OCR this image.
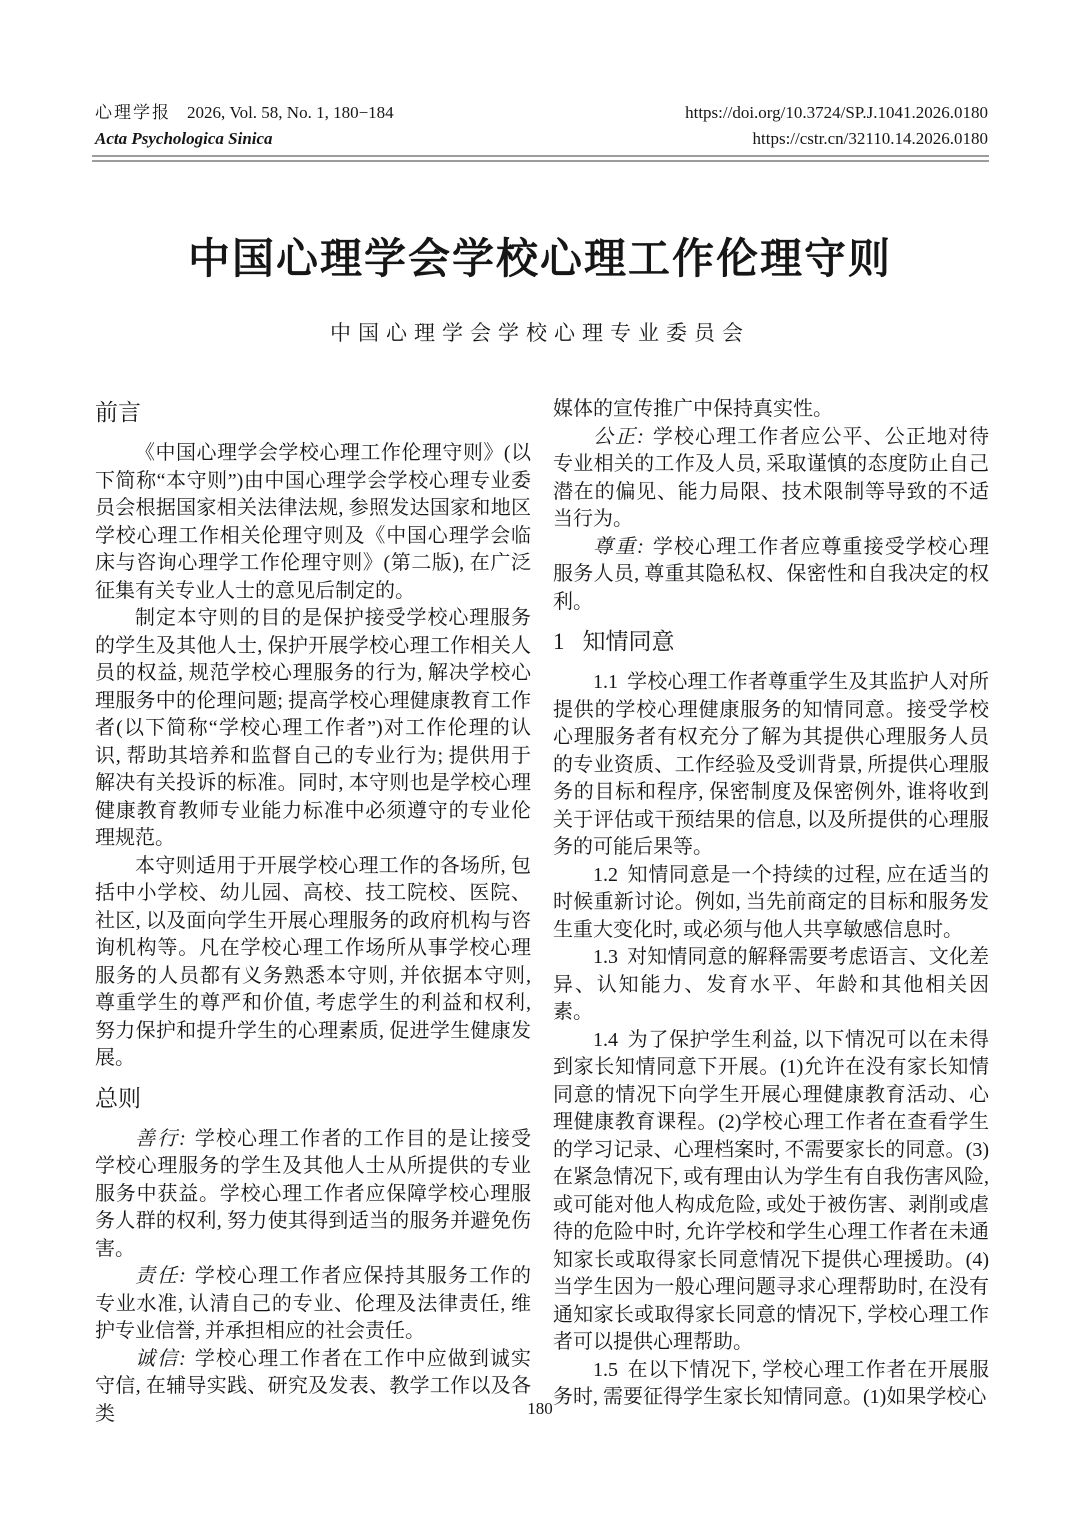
心理学报 2026, Vol. 58, No. 1, 180−184
Acta Psychologica Sinica
https://doi.org/10.3724/SP.J.1041.2026.0180
https://cstr.cn/32110.14.2026.0180
中国心理学会学校心理工作伦理守则
中国心理学会学校心理专业委员会
前言

《中国心理学会学校心理工作伦理守则》(以下简称“本守则”)由中国心理学会学校心理专业委员会根据国家相关法律法规, 参照发达国家和地区学校心理工作相关伦理守则及《中国心理学会临床与咨询心理学工作伦理守则》(第二版), 在广泛征集有关专业人士的意见后制定的。

制定本守则的目的是保护接受学校心理服务的学生及其他人士, 保护开展学校心理工作相关人员的权益, 规范学校心理服务的行为, 解决学校心理服务中的伦理问题; 提高学校心理健康教育工作者(以下简称“学校心理工作者”)对工作伦理的认识, 帮助其培养和监督自己的专业行为; 提供用于解决有关投诉的标准。同时, 本守则也是学校心理健康教育教师专业能力标准中必须遵守的专业伦理规范。

本守则适用于开展学校心理工作的各场所, 包括中小学校、幼儿园、高校、技工院校、医院、社区, 以及面向学生开展心理服务的政府机构与咨询机构等。凡在学校心理工作场所从事学校心理服务的人员都有义务熟悉本守则, 并依据本守则, 尊重学生的尊严和价值, 考虑学生的利益和权利, 努力保护和提升学生的心理素质, 促进学生健康发展。

总则

善行: 学校心理工作者的工作目的是让接受学校心理服务的学生及其他人士从所提供的专业服务中获益。学校心理工作者应保障学校心理服务人群的权利, 努力使其得到适当的服务并避免伤害。

责任: 学校心理工作者应保持其服务工作的专业水准, 认清自己的专业、伦理及法律责任, 维护专业信誉, 并承担相应的社会责任。

诚信: 学校心理工作者在工作中应做到诚实守信, 在辅导实践、研究及发表、教学工作以及各类

媒体的宣传推广中保持真实性。

公正: 学校心理工作者应公平、公正地对待专业相关的工作及人员, 采取谨慎的态度防止自己潜在的偏见、能力局限、技术限制等导致的不适当行为。

尊重: 学校心理工作者应尊重接受学校心理服务人员, 尊重其隐私权、保密性和自我决定的权利。

1 知情同意

1.1 学校心理工作者尊重学生及其监护人对所提供的学校心理健康服务的知情同意。接受学校心理服务者有权充分了解为其提供心理服务人员的专业资质、工作经验及受训背景, 所提供心理服务的目标和程序, 保密制度及保密例外, 谁将收到关于评估或干预结果的信息, 以及所提供的心理服务的可能后果等。

1.2 知情同意是一个持续的过程, 应在适当的时候重新讨论。例如, 当先前商定的目标和服务发生重大变化时, 或必须与他人共享敏感信息时。

1.3 对知情同意的解释需要考虑语言、文化差异、认知能力、发育水平、年龄和其他相关因素。

1.4 为了保护学生利益, 以下情况可以在未得到家长知情同意下开展。(1)允许在没有家长知情同意的情况下向学生开展心理健康教育活动、心理健康教育课程。(2)学校心理工作者在查看学生的学习记录、心理档案时, 不需要家长的同意。(3)在紧急情况下, 或有理由认为学生有自我伤害风险, 或可能对他人构成危险, 或处于被伤害、剥削或虐待的危险中时, 允许学校和学生心理工作者在未通知家长或取得家长同意情况下提供心理援助。(4)当学生因为一般心理问题寻求心理帮助时, 在没有通知家长或取得家长同意的情况下, 学校心理工作者可以提供心理帮助。

1.5 在以下情况下, 学校心理工作者在开展服务时, 需要征得学生家长知情同意。(1)如果学校心

180
